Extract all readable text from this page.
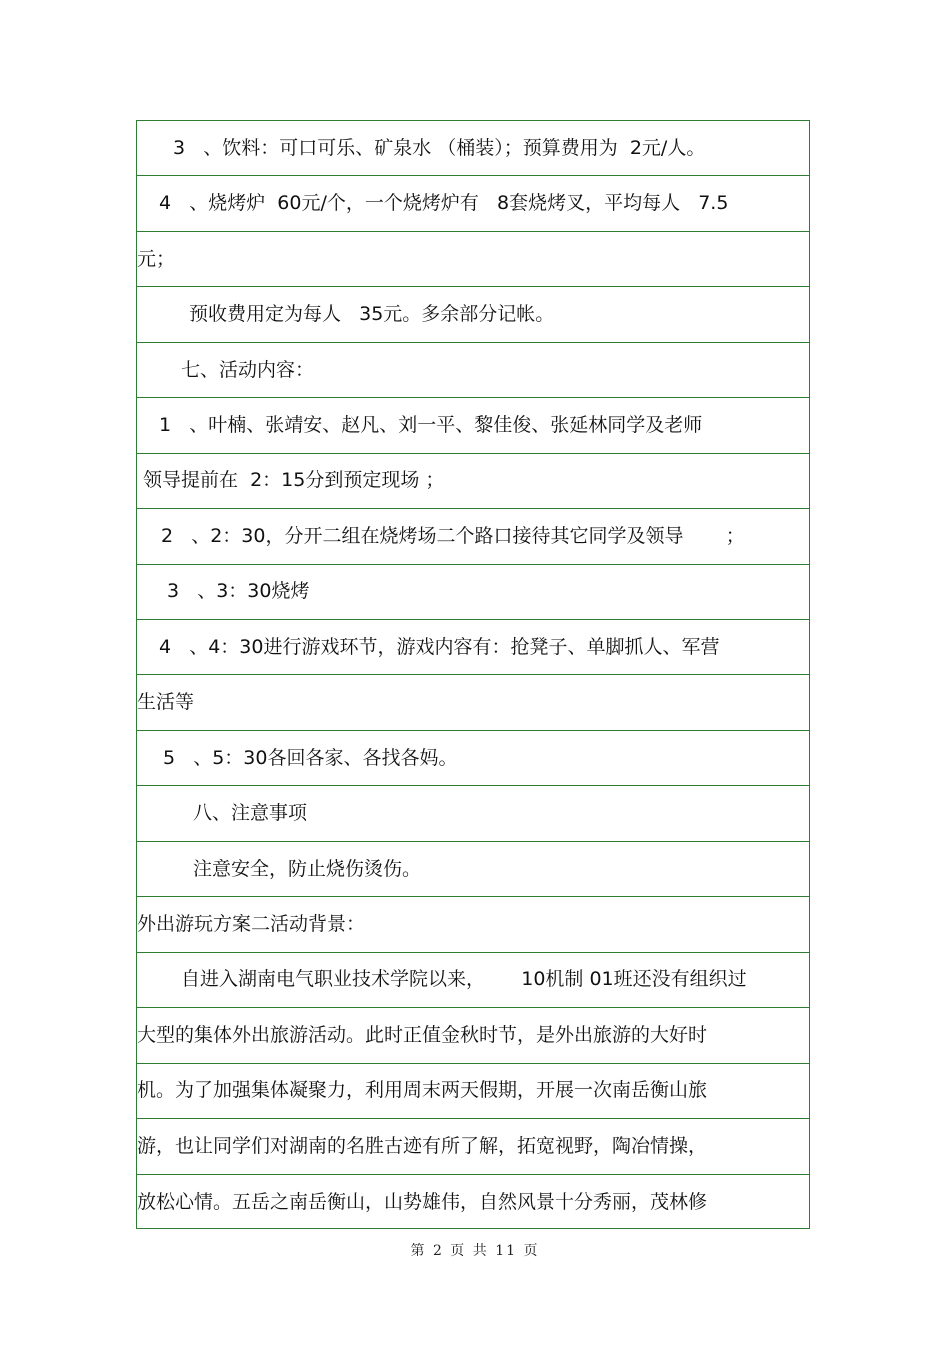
3   、饮料：可口可乐、矿泉水 （桶装）；预算费用为  2元/人。
4   、烧烤炉  60元/个，一个烧烤炉有   8套烧烤叉，平均每人   7.5
元；
预收费用定为每人   35元。多余部分记帐。
七、活动内容：
1   、叶楠、张靖安、赵凡、刘一平、黎佳俊、张延林同学及老师
领导提前在  2：15分到预定现场 ；
2   、2：30，分开二组在烧烤场二个路口接待其它同学及领导       ；
3   、3：30烧烤
4   、4：30进行游戏环节，游戏内容有：抢凳子、单脚抓人、军营
生活等
5   、5：30各回各家、各找各妈。
八、注意事项
注意安全，防止烧伤烫伤。
外出游玩方案二活动背景：
自进入湖南电气职业技术学院以来，      10机制 01班还没有组织过
大型的集体外出旅游活动。此时正值金秋时节，是外出旅游的大好时
机。为了加强集体凝聚力，利用周末两天假期，开展一次南岳衡山旅
游，也让同学们对湖南的名胜古迹有所了解，拓宽视野，陶冶情操，
放松心情。五岳之南岳衡山，山势雄伟，自然风景十分秀丽，茂林修
第 2 页 共 11 页
